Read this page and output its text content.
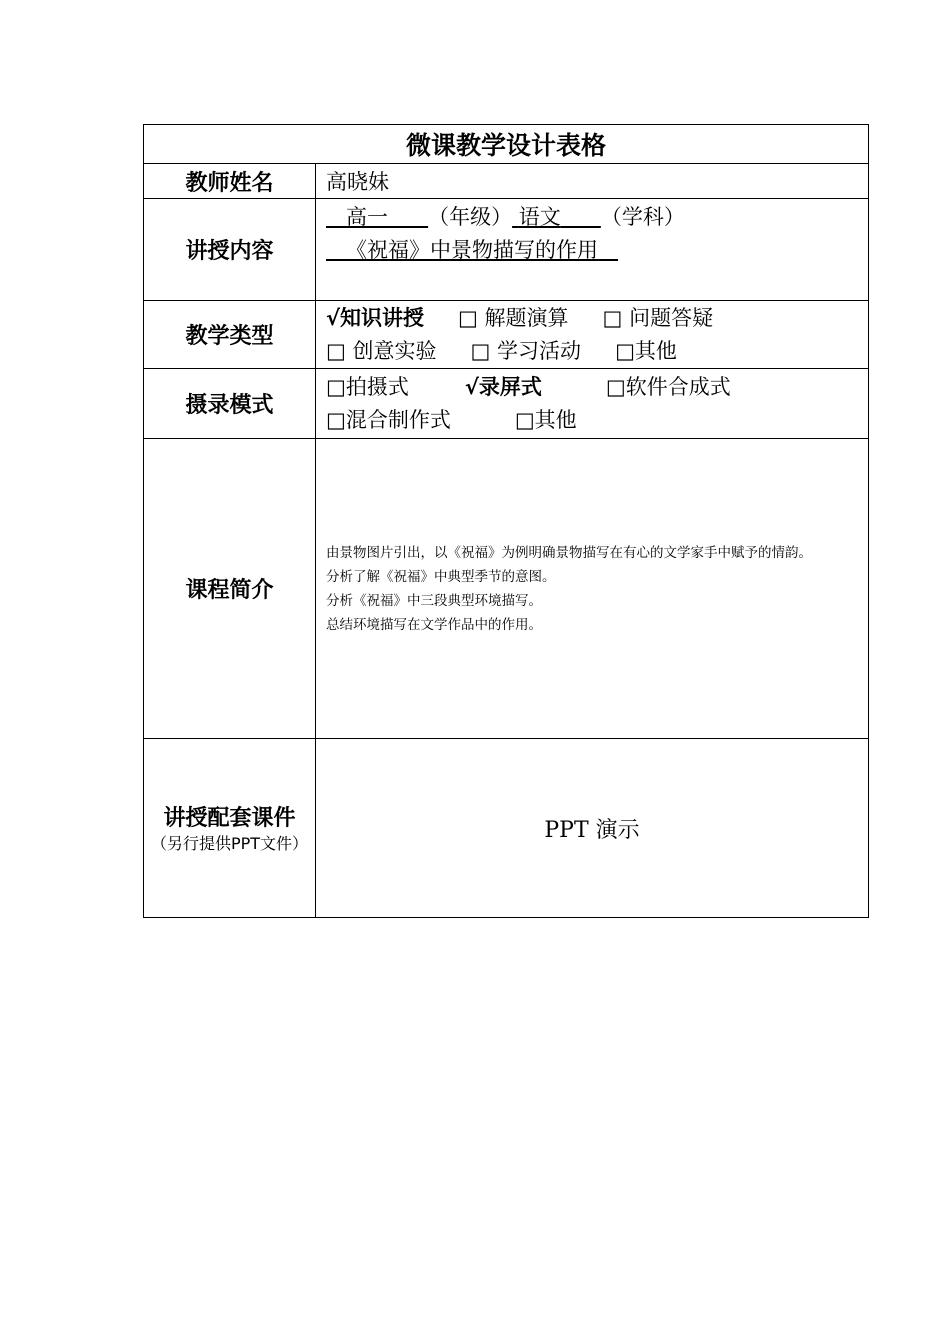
微课教学设计表格	
教师姓名	高晓妹
讲授内容	高一 （年级） 语文 （学科）
《祝福》中景物描写的作用

教学类型	√知识讲授 □ 解题演算 □ 问题答疑
□ 创意实验 □ 学习活动 □其他

摄录模式	□拍摄式 √录屏式 □软件合成式
□混合制作式 □其他

课程简介	由景物图片引出，以《祝福》为例明确景物描写在有心的文学家手中赋予的情韵。

分析了解《祝福》中典型季节的意图。

分析《祝福》中三段典型环境描写。

总结环境描写在文学作品中的作用。

讲授配套课件
（另行提供PPT文件）	PPT 演示
